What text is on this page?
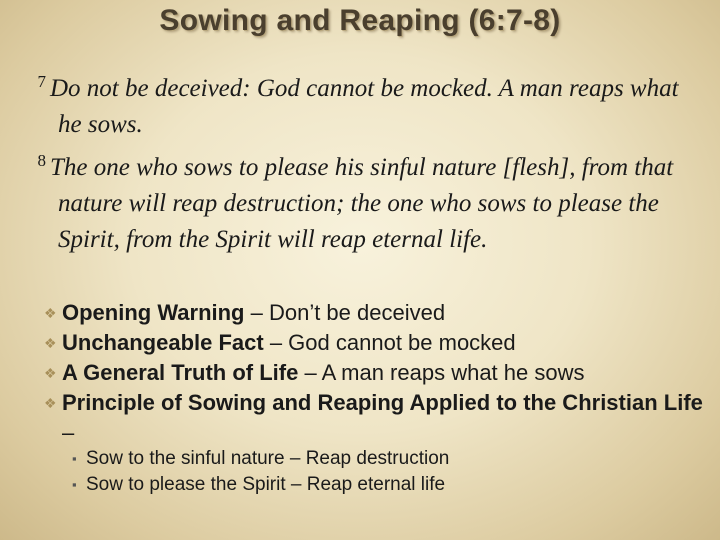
Sowing and Reaping (6:7-8)

7 Do not be deceived: God cannot be mocked. A man reaps what he sows.

8 The one who sows to please his sinful nature [flesh], from that nature will reap destruction; the one who sows to please the Spirit, from the Spirit will reap eternal life.

❖ Opening Warning – Don’t be deceived

❖ Unchangeable Fact – God cannot be mocked

❖ A General Truth of Life – A man reaps what he sows

❖ Principle of Sowing and Reaping Applied to the Christian Life –

▪ Sow to the sinful nature – Reap destruction

▪ Sow to please the Spirit – Reap eternal life
